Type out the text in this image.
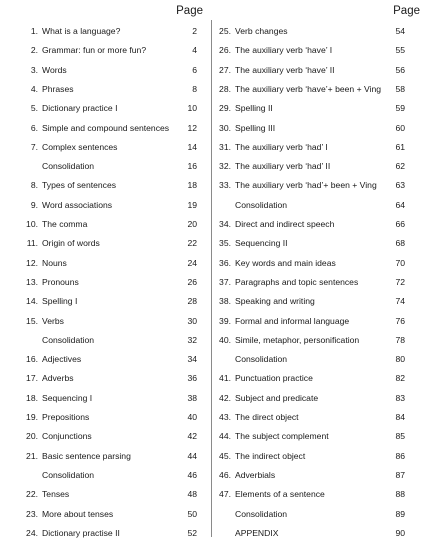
Page
1. What is a language?	2
2. Grammar: fun or more fun?	4
3. Words	6
4. Phrases	8
5. Dictionary practice I	10
6. Simple and compound sentences 12
7. Complex sentences	14
Consolidation	16
8. Types of sentences	18
9. Word associations	19
10. The comma	20
11. Origin of words	22
12. Nouns	24
13. Pronouns	26
14. Spelling I	28
15. Verbs	30
Consolidation	32
16. Adjectives	34
17. Adverbs	36
18. Sequencing I	38
19. Prepositions	40
20. Conjunctions	42
21. Basic sentence parsing	44
Consolidation	46
22. Tenses	48
23. More about tenses	50
24. Dictionary practise II	52
Page
25. Verb changes	54
26. The auxiliary verb ‘have’ I	55
27. The auxiliary verb ‘have’ II	56
28. The auxiliary verb ‘have’+ been + Ving 58
29. Spelling II	59
30. Spelling III	60
31. The auxiliary verb ‘had’ I	61
32. The auxiliary verb ‘had’ II	62
33. The auxiliary verb ‘had’+ been + Ving 63
Consolidation	64
34. Direct and indirect speech	66
35. Sequencing II	68
36. Key words and main ideas	70
37. Paragraphs and topic sentences	72
38. Speaking and writing	74
39. Formal and informal language	76
40. Simile, metaphor, personification	78
Consolidation	80
41. Punctuation practice	82
42. Subject and predicate	83
43. The direct object	84
44. The subject complement	85
45. The indirect object	86
46. Adverbials	87
47. Elements of a sentence	88
Consolidation	89
APPENDIX	90
